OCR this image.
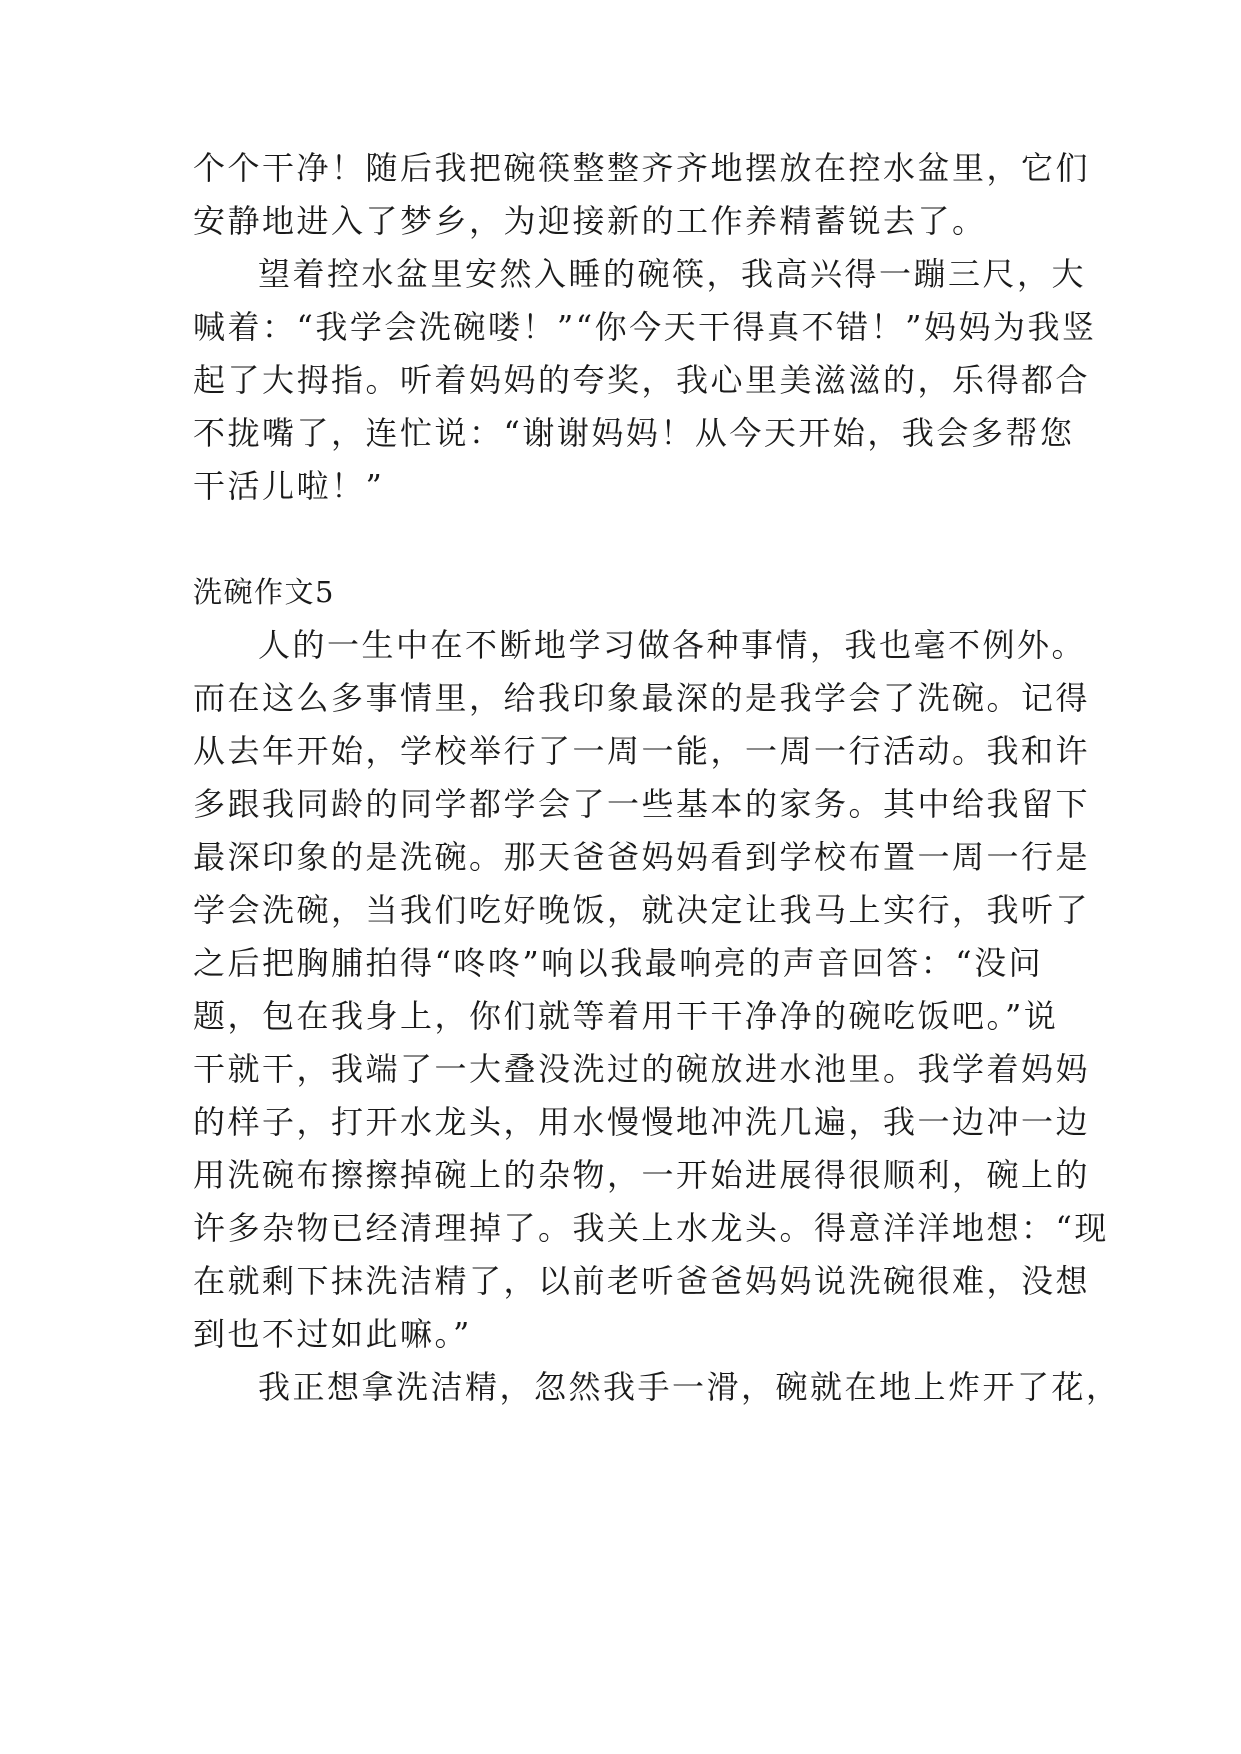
个个干净！随后我把碗筷整整齐齐地摆放在控水盆里，它们

安静地进入了梦乡，为迎接新的工作养精蓄锐去了。

望着控水盆里安然入睡的碗筷，我高兴得一蹦三尺，大

喊着：“我学会洗碗喽！”“你今天干得真不错！”妈妈为我竖

起了大拇指。听着妈妈的夸奖，我心里美滋滋的，乐得都合

不拢嘴了，连忙说：“谢谢妈妈！从今天开始，我会多帮您

干活儿啦！”

洗碗作文5

人的一生中在不断地学习做各种事情，我也毫不例外。

而在这么多事情里，给我印象最深的是我学会了洗碗。记得

从去年开始，学校举行了一周一能，一周一行活动。我和许

多跟我同龄的同学都学会了一些基本的家务。其中给我留下

最深印象的是洗碗。那天爸爸妈妈看到学校布置一周一行是

学会洗碗，当我们吃好晚饭，就决定让我马上实行，我听了

之后把胸脯拍得“咚咚”响以我最响亮的声音回答：“没问

题，包在我身上，你们就等着用干干净净的碗吃饭吧。”说

干就干，我端了一大叠没洗过的碗放进水池里。我学着妈妈

的样子，打开水龙头，用水慢慢地冲洗几遍，我一边冲一边

用洗碗布擦擦掉碗上的杂物，一开始进展得很顺利，碗上的

许多杂物已经清理掉了。我关上水龙头。得意洋洋地想：“现

在就剩下抹洗洁精了，以前老听爸爸妈妈说洗碗很难，没想

到也不过如此嘛。”

我正想拿洗洁精，忽然我手一滑，碗就在地上炸开了花，
